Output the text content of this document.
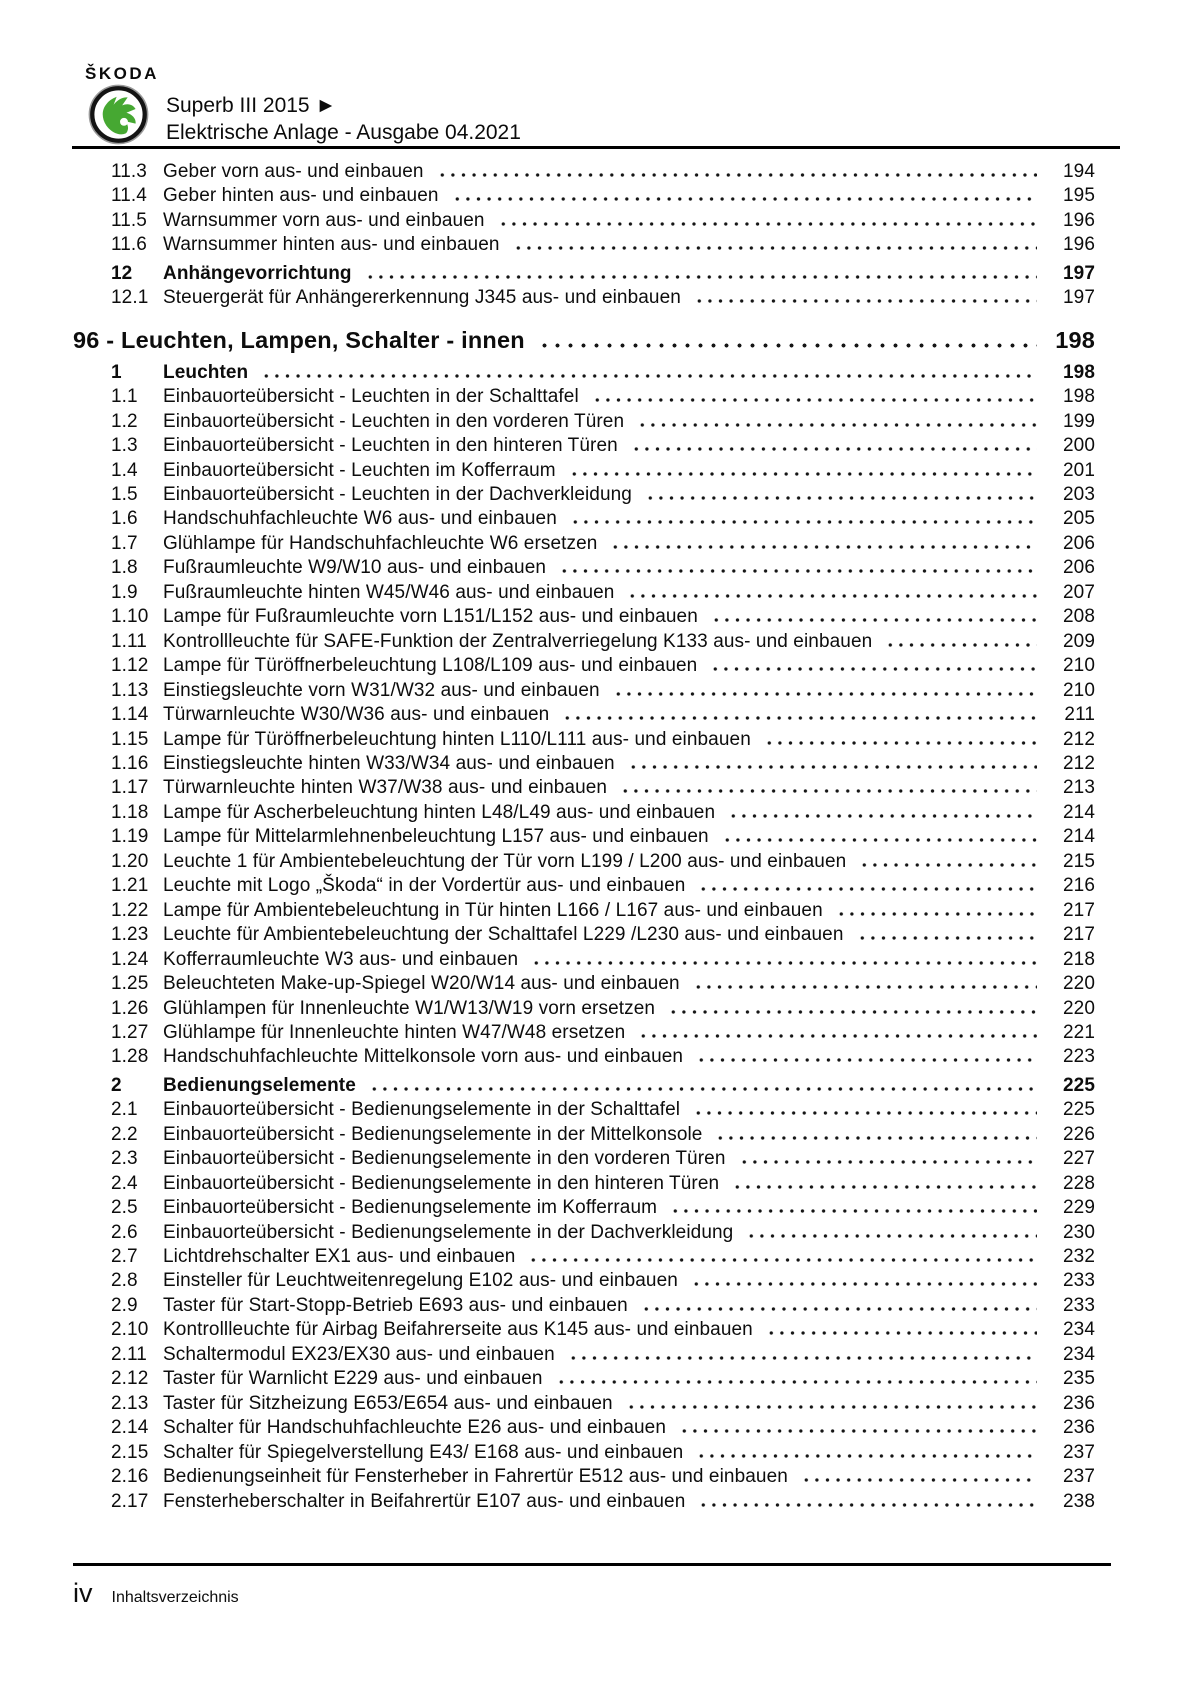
ŠKODA
Superb III 2015 ►
Elektrische Anlage - Ausgabe 04.2021
11.3 Geber vorn aus- und einbauen	194
11.4 Geber hinten aus- und einbauen	195
11.5 Warnsummer vorn aus- und einbauen	196
11.6 Warnsummer hinten aus- und einbauen	196
12	Anhängevorrichtung	197
12.1 Steuergerät für Anhängererkennung J345 aus- und einbauen	197
96 - Leuchten, Lampen, Schalter - innen	198
1	Leuchten	198
1.1	Einbauorteübersicht - Leuchten in der Schalttafel	198
1.2	Einbauorteübersicht - Leuchten in den vorderen Türen	199
1.3	Einbauorteübersicht - Leuchten in den hinteren Türen	200
1.4	Einbauorteübersicht - Leuchten im Kofferraum	201
1.5	Einbauorteübersicht - Leuchten in der Dachverkleidung	203
1.6	Handschuhfachleuchte W6 aus- und einbauen	205
1.7	Glühlampe für Handschuhfachleuchte W6 ersetzen	206
1.8	Fußraumleuchte W9/W10 aus- und einbauen	206
1.9	Fußraumleuchte hinten W45/W46 aus- und einbauen	207
1.10 Lampe für Fußraumleuchte vorn L151/L152 aus- und einbauen	208
1.11 Kontrollleuchte für SAFE-Funktion der Zentralverriegelung K133 aus- und einbauen	209
1.12 Lampe für Türöffnerbeleuchtung L108/L109 aus- und einbauen	210
1.13 Einstiegsleuchte vorn W31/W32 aus- und einbauen	210
1.14 Türwarnleuchte W30/W36 aus- und einbauen	211
1.15 Lampe für Türöffnerbeleuchtung hinten L110/L111 aus- und einbauen	212
1.16 Einstiegsleuchte hinten W33/W34 aus- und einbauen	212
1.17 Türwarnleuchte hinten W37/W38 aus- und einbauen	213
1.18 Lampe für Ascherbeleuchtung hinten L48/L49 aus- und einbauen	214
1.19 Lampe für Mittelarmlehnenbeleuchtung L157 aus- und einbauen	214
1.20 Leuchte 1 für Ambientebeleuchtung der Tür vorn L199 / L200 aus- und einbauen	215
1.21 Leuchte mit Logo „Škoda“ in der Vordertür aus- und einbauen	216
1.22 Lampe für Ambientebeleuchtung in Tür hinten L166 / L167 aus- und einbauen	217
1.23 Leuchte für Ambientebeleuchtung der Schalttafel L229 /L230 aus- und einbauen	217
1.24 Kofferraumleuchte W3 aus- und einbauen	218
1.25 Beleuchteten Make-up-Spiegel W20/W14 aus- und einbauen	220
1.26 Glühlampen für Innenleuchte W1/W13/W19 vorn ersetzen	220
1.27 Glühlampe für Innenleuchte hinten W47/W48 ersetzen	221
1.28 Handschuhfachleuchte Mittelkonsole vorn aus- und einbauen	223
2	Bedienungselemente	225
2.1	Einbauorteübersicht - Bedienungselemente in der Schalttafel	225
2.2	Einbauorteübersicht - Bedienungselemente in der Mittelkonsole	226
2.3	Einbauorteübersicht - Bedienungselemente in den vorderen Türen	227
2.4	Einbauorteübersicht - Bedienungselemente in den hinteren Türen	228
2.5	Einbauorteübersicht - Bedienungselemente im Kofferraum	229
2.6	Einbauorteübersicht - Bedienungselemente in der Dachverkleidung	230
2.7	Lichtdrehschalter EX1 aus- und einbauen	232
2.8	Einsteller für Leuchtweitenregelung E102 aus- und einbauen	233
2.9	Taster für Start-Stopp-Betrieb E693 aus- und einbauen	233
2.10 Kontrollleuchte für Airbag Beifahrerseite aus K145 aus- und einbauen	234
2.11 Schaltermodul EX23/EX30 aus- und einbauen	234
2.12 Taster für Warnlicht E229 aus- und einbauen	235
2.13 Taster für Sitzheizung E653/E654 aus- und einbauen	236
2.14 Schalter für Handschuhfachleuchte E26 aus- und einbauen	236
2.15 Schalter für Spiegelverstellung E43/ E168 aus- und einbauen	237
2.16 Bedienungseinheit für Fensterheber in Fahrertür E512 aus- und einbauen	237
2.17 Fensterheberschalter in Beifahrertür E107 aus- und einbauen	238
iv Inhaltsverzeichnis
